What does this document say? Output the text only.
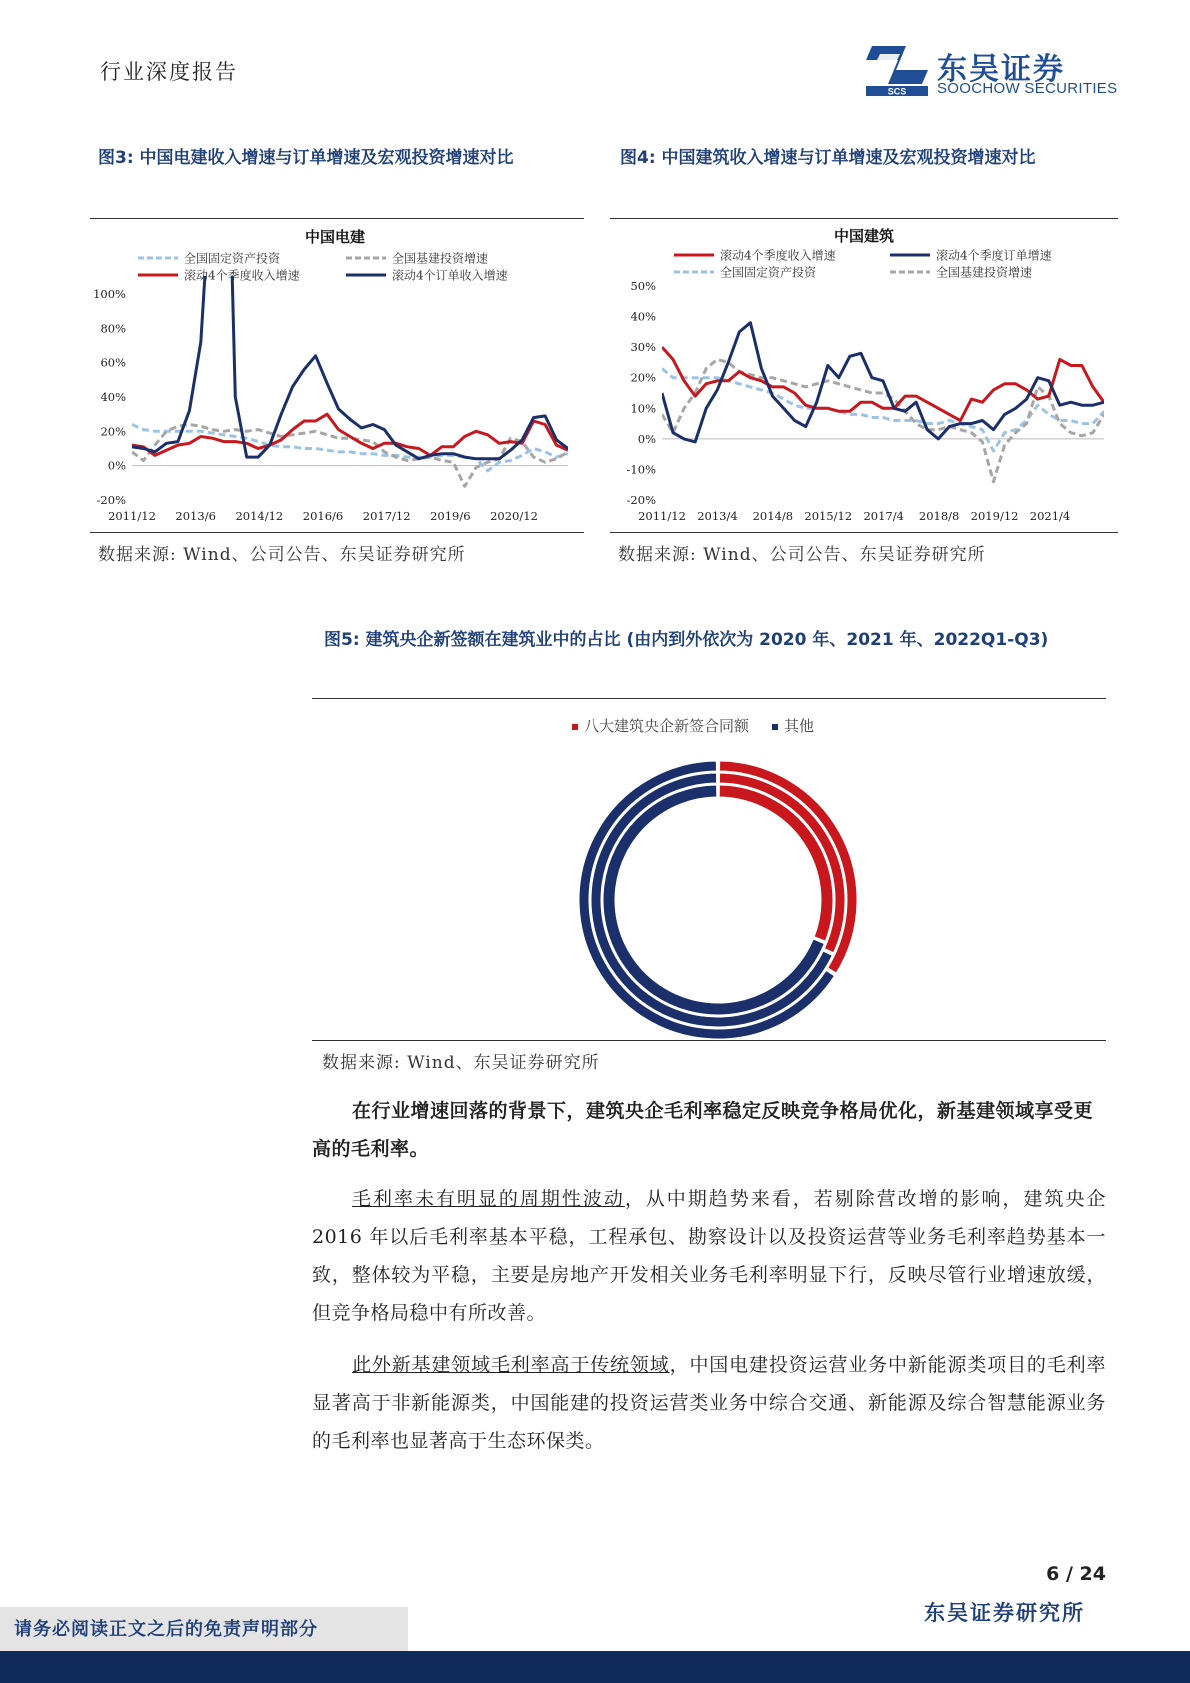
行业深度报告
SCS
东吴证券
SOOCHOW SECURITIES
图3: 中国电建收入增速与订单增速及宏观投资增速对比
中国电建
全国固定资产投资	全国基建投资增速
滚动4个季度收入增速	滚动4个订单收入增速
-20%
0%
20%
40%
60%
80%
100%
2011/12 2013/6 2014/12 2016/6 2017/12 2019/6 2020/12
数据来源: Wind、公司公告、东吴证券研究所
图4: 中国建筑收入增速与订单增速及宏观投资增速对比
中国建筑
滚动4个季度收入增速	滚动4个季度订单增速
全国固定资产投资	全国基建投资增速
-20%
-10%
0%
10%
20%
30%
40%
50%
2011/12 2013/4 2014/8 2015/12 2017/4 2018/8 2019/12 2021/4
数据来源: Wind、公司公告、东吴证券研究所
图5: 建筑央企新签额在建筑业中的占比 (由内到外依次为 2020 年、2021 年、2022Q1-Q3)
八大建筑央企新签合同额 其他
数据来源: Wind、东吴证券研究所
在行业增速回落的背景下，建筑央企毛利率稳定反映竞争格局优化，新基建领域享受更高的毛利率。
毛利率未有明显的周期性波动，从中期趋势来看，若剔除营改增的影响，建筑央企 2016 年以后毛利率基本平稳，工程承包、勘察设计以及投资运营等业务毛利率趋势基本一致，整体较为平稳，主要是房地产开发相关业务毛利率明显下行，反映尽管行业增速放缓，但竞争格局稳中有所改善。
此外新基建领域毛利率高于传统领域，中国电建投资运营业务中新能源类项目的毛利率显著高于非新能源类，中国能建的投资运营类业务中综合交通、新能源及综合智慧能源业务的毛利率也显著高于生态环保类。
6 / 24
东吴证券研究所
请务必阅读正文之后的免责声明部分
